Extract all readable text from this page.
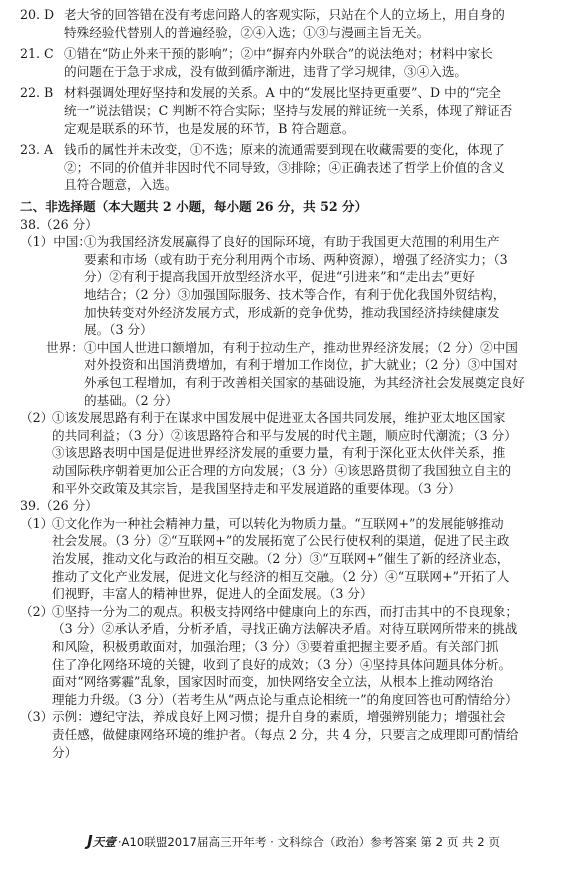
20. D 老大爷的回答错在没有考虑问路人的客观实际，只站在个人的立场上，用自身的
特殊经验代替别人的普遍经验，②④入选；①③与漫画主旨无关。
21. C ①错在“防止外来干预的影响”；②中“摒弃内外联合”的说法绝对；材料中家长
的问题在于急于求成，没有做到循序渐进，违背了学习规律，③④入选。
22. B 材料强调处理好坚持和发展的关系。A 中的“发展比坚持更重要”、D 中的“完全
统一”说法错误；C 判断不符合实际；坚持与发展的辩证统一关系，体现了辩证否
定观是联系的环节，也是发展的环节，B 符合题意。
23. A 钱币的属性并未改变，①不选；原来的流通需要到现在收藏需要的变化，体现了
②；不同的价值并非因时代不同导致，③排除；④正确表述了哲学上价值的含义
且符合题意，入选。
二、非选择题（本大题共 2 小题，每小题 26 分，共 52 分）
38.（26 分）
（1）中国：
①为我国经济发展赢得了良好的国际环境，有助于我国更大范围的利用生产
要素和市场（或有助于充分利用两个市场、两种资源），增强了经济实力；（3
分）②有利于提高我国开放型经济水平，促进“引进来”和“走出去”更好
地结合；（2 分）③加强国际服务、技术等合作，有利于优化我国外贸结构，
加快转变对外经济发展方式，形成新的竞争优势，推动我国经济持续健康发
展。（3 分）
世界： ①中国人世进口额增加，有利于拉动生产，推动世界经济发展；（2 分）②中国
对外投资和出国消费增加，有利于增加工作岗位，扩大就业；（2 分）③中国对
外承包工程增加，有利于改善相关国家的基础设施，为其经济社会发展奠定良好
的基础。（2 分）
（2）
①该发展思路有利于在谋求中国发展中促进亚太各国共同发展，维护亚太地区国家
的共同利益；（3 分）②该思路符合和平与发展的时代主题，顺应时代潮流；（3 分）
③该思路表明中国是促进世界经济发展的重要力量，有利于深化亚太伙伴关系，推
动国际秩序朝着更加公正合理的方向发展；（3 分）④该思路贯彻了我国独立自主的
和平外交政策及其宗旨，是我国坚持走和平发展道路的重要体现。（3 分）
39.（26 分）
（1）
①文化作为一种社会精神力量，可以转化为物质力量。“互联网+”的发展能够推动
社会发展。（3 分）②“互联网+”的发展拓宽了公民行使权利的渠道，促进了民主政
治发展，推动文化与政治的相互交融。（2 分）③“互联网+”催生了新的经济业态，
推动了文化产业发展，促进文化与经济的相互交融。（2 分）④“互联网+”开拓了人
们视野，丰富人的精神世界，促进人的全面发展。（3 分）
（2）
①坚持一分为二的观点。积极支持网络中健康向上的东西，而打击其中的不良现象；
（3 分）②承认矛盾，分析矛盾，寻找正确方法解决矛盾。对待互联网所带来的挑战
和风险，积极勇敢面对，加强治理；（3 分）③要着重把握主要矛盾。有关部门抓
住了净化网络环境的关键，收到了良好的成效；（3 分）④坚持具体问题具体分析。
面对“网络雾霾”乱象，国家因时而变，加快网络安全立法，从根本上推动网络治
理能力升级。（3 分）（若考生从“两点论与重点论相统一”的角度回答也可酌情给分）
J天壹 ·A10联盟2017届高三开年考 · 文科综合（政治）参考答案 第 2 页 共 2 页
（3）
示例：遵纪守法，养成良好上网习惯；提升自身的素质，增强辨别能力；增强社会
责任感，做健康网络环境的维护者。（每点 2 分，共 4 分，只要言之成理即可酌情给
分）
